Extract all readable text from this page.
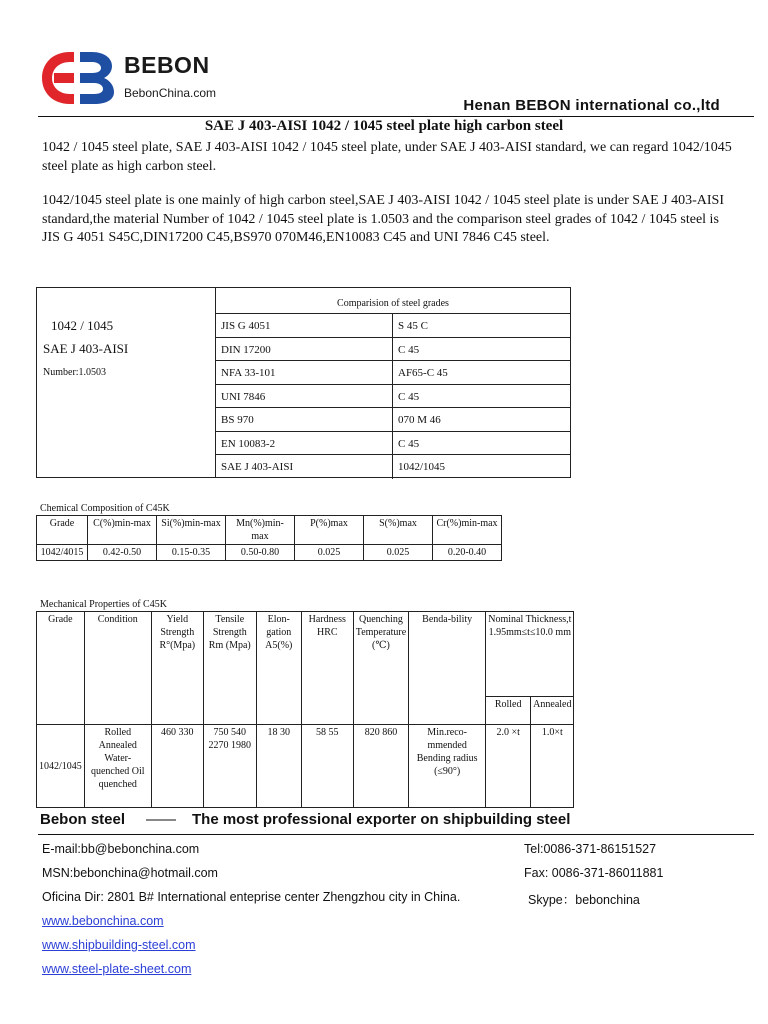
BEBON
BebonChina.com
Henan BEBON international co.,ltd
SAE J 403-AISI 1042 / 1045 steel plate high carbon steel
1042 / 1045 steel plate, SAE J 403-AISI 1042 / 1045 steel plate, under SAE J 403-AISI standard, we can regard 1042/1045 steel plate as high carbon steel.
1042/1045 steel plate is one mainly of high carbon steel,SAE J 403-AISI 1042 / 1045 steel plate is under SAE J 403-AISI standard,the material Number of 1042 / 1045 steel plate is 1.0503 and the comparison steel grades of 1042 / 1045 steel is JIS G 4051 S45C,DIN17200 C45,BS970 070M46,EN10083 C45 and UNI 7846 C45 steel.
1042 / 1045
SAE J 403-AISI
Number:1.0503
Comparision of steel grades
JIS G 4051	S 45 C
DIN 17200	C 45
NFA 33-101	AF65-C 45
UNI 7846	C 45
BS 970	070 M 46
EN 10083-2	C 45
SAE J 403-AISI	1042/1045
Chemical Composition of C45K
Grade	C(%)min-max	Si(%)min-max	Mn(%)min-max	P(%)max	S(%)max	Cr(%)min-max
1042/4015	0.42-0.50	0.15-0.35	0.50-0.80	0.025	0.025	0.20-0.40
Mechanical Properties of C45K
Grade	Condition	Yield Strength R°(Mpa)	Tensile Strength Rm (Mpa)	Elon-gation A5(%)	Hardness HRC	Quenching Temperature (℃)	Benda-bility	Nominal Thickness,t 1.95mm≤t≤10.0 mm	
								Rolled	Annealed
1042/1045	Rolled Annealed Water-quenched Oil quenched	460 330	750 540 2270 1980	18 30	58 55	820 860	Min.reco-mmended Bending radius (≤90°)	2.0 ×t	1.0×t
Bebon steel —— The most professional exporter on shipbuilding steel
E-mail:bb@bebonchina.com	Tel:0086-371-86151527
MSN:bebonchina@hotmail.com	Fax: 0086-371-86011881
Oficina Dir: 2801 B# International enteprise center Zhengzhou city in China.	Skype：bebonchina
www.bebonchina.com
www.shipbuilding-steel.com
www.steel-plate-sheet.com
